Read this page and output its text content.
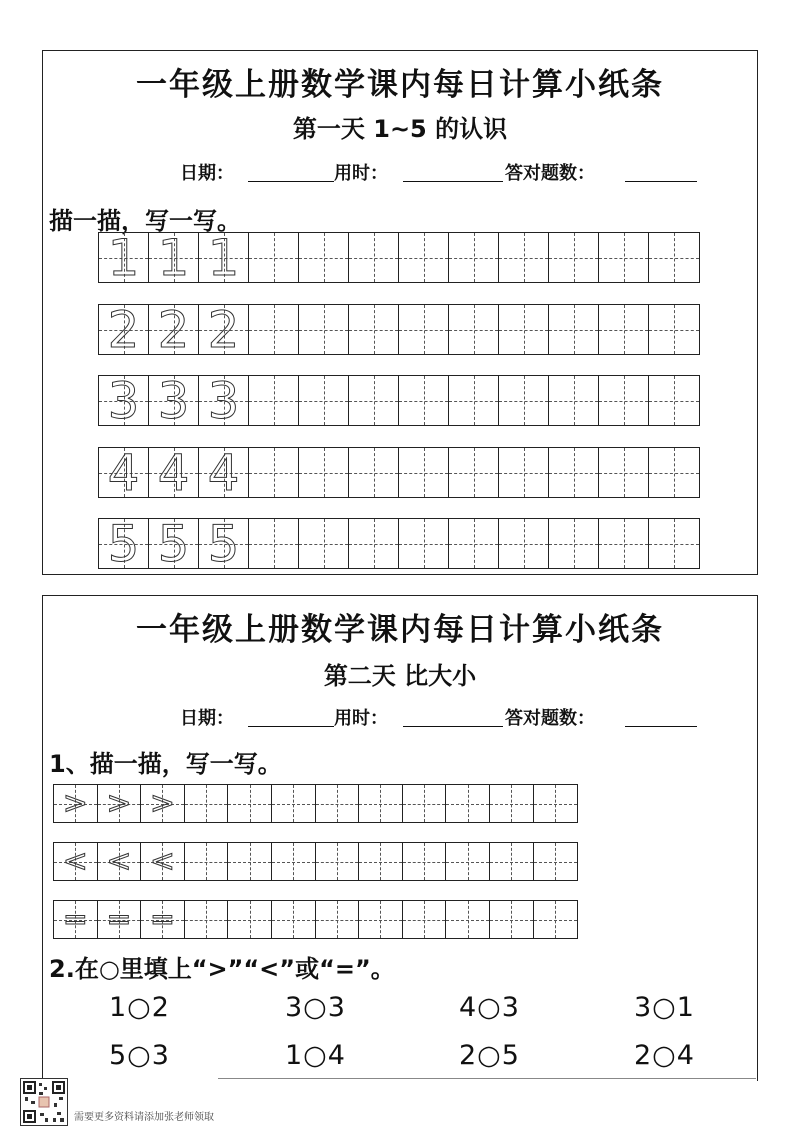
一年级上册数学课内每日计算小纸条
第一天 1~5 的认识
日期：	用时：	答对题数：
描一描，写一写。
1 1 1
2 2 2
3 3 3
4 4 4
5 5 5
一年级上册数学课内每日计算小纸条
第二天 比大小
日期：	用时：	答对题数：
1、描一描，写一写。
> > >
< < <
= = =
2.在○里填上“>”“<”或“=”。
1○2	3○3	4○3	3○1
5○3	1○4	2○5	2○4
需要更多资料请添加张老师领取
